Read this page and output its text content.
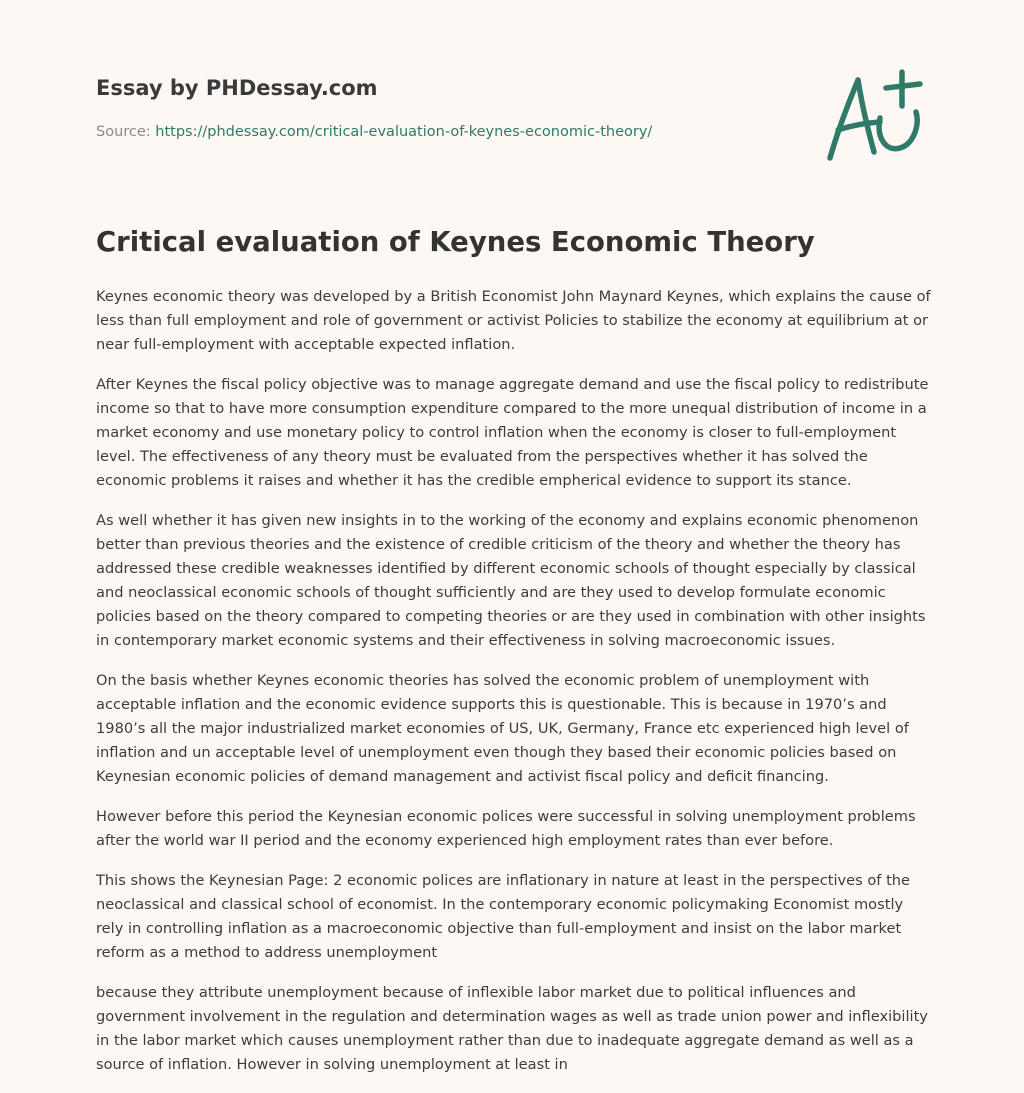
Essay by PHDessay.com
Source: https://phdessay.com/critical-evaluation-of-keynes-economic-theory/
Critical evaluation of Keynes Economic Theory

Keynes economic theory was developed by a British Economist John Maynard Keynes, which explains the cause of less than full employment and role of government or activist Policies to stabilize the economy at equilibrium at or near full-employment with acceptable expected inflation.

After Keynes the fiscal policy objective was to manage aggregate demand and use the fiscal policy to redistribute income so that to have more consumption expenditure compared to the more unequal distribution of income in a market economy and use monetary policy to control inflation when the economy is closer to full-employment level. The effectiveness of any theory must be evaluated from the perspectives whether it has solved the economic problems it raises and whether it has the credible empherical evidence to support its stance.

As well whether it has given new insights in to the working of the economy and explains economic phenomenon better than previous theories and the existence of credible criticism of the theory and whether the theory has addressed these credible weaknesses identified by different economic schools of thought especially by classical and neoclassical economic schools of thought sufficiently and are they used to develop formulate economic policies based on the theory compared to competing theories or are they used in combination with other insights in contemporary market economic systems and their effectiveness in solving macroeconomic issues.

On the basis whether Keynes economic theories has solved the economic problem of unemployment with acceptable inflation and the economic evidence supports this is questionable. This is because in 1970’s and 1980’s all the major industrialized market economies of US, UK, Germany, France etc experienced high level of inflation and un acceptable level of unemployment even though they based their economic policies based on Keynesian economic policies of demand management and activist fiscal policy and deficit financing.

However before this period the Keynesian economic polices were successful in solving unemployment problems after the world war II period and the economy experienced high employment rates than ever before.

This shows the Keynesian Page: 2 economic polices are inflationary in nature at least in the perspectives of the neoclassical and classical school of economist. In the contemporary economic policymaking Economist mostly rely in controlling inflation as a macroeconomic objective than full-employment and insist on the labor market reform as a method to address unemployment

because they attribute unemployment because of inflexible labor market due to political influences and government involvement in the regulation and determination wages as well as trade union power and inflexibility in the labor market which causes unemployment rather than due to inadequate aggregate demand as well as a source of inflation. However in solving unemployment at least in
